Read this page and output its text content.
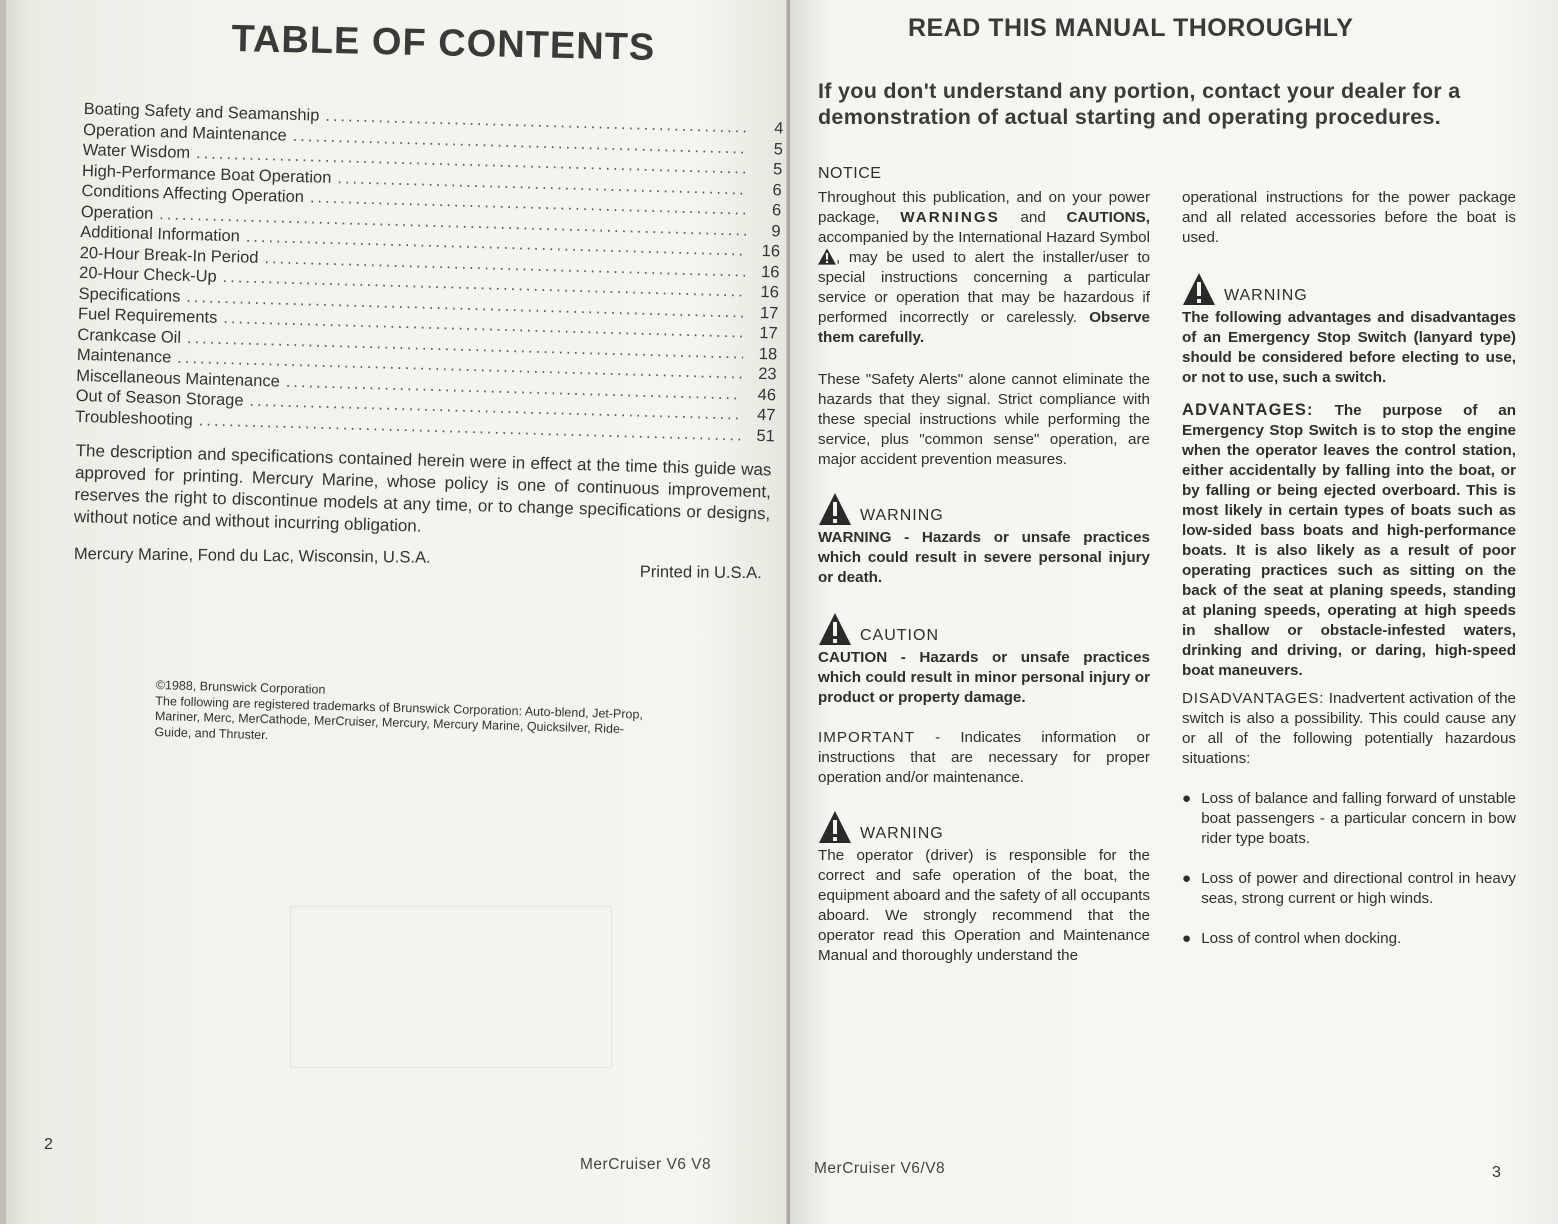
TABLE OF CONTENTS
Boating Safety and Seamanship
.....
4
Operation and Maintenance
.....
5
Water Wisdom
.....
5
High-Performance Boat Operation
.....
6
Conditions Affecting Operation
.....
6
Operation
.....
9
Additional Information
.....
16
20-Hour Break-In Period
.....
16
20-Hour Check-Up
.....
16
Specifications
.....
17
Fuel Requirements
.....
17
Crankcase Oil
.....
18
Maintenance
.....
23
Miscellaneous Maintenance
.....
46
Out of Season Storage
.....
47
Troubleshooting
.....
51
The description and specifications contained herein were in effect at the time this guide was approved for printing. Mercury Marine, whose policy is one of continuous improvement, reserves the right to discontinue models at any time, or to change specifications or designs, without notice and without incurring obligation.
Mercury Marine, Fond du Lac, Wisconsin, U.S.A.
Printed in U.S.A.
©1988, Brunswick Corporation
The following are registered trademarks of Brunswick Corporation: Auto-blend, Jet-Prop, Mariner, Merc, MerCathode, MerCruiser, Mercury, Mercury Marine, Quicksilver, Ride-Guide, and Thruster.
2
MerCruiser V6 V8
READ THIS MANUAL THOROUGHLY
If you don't understand any portion, contact your dealer for a demonstration of actual starting and operating procedures.

NOTICE

Throughout this publication, and on your power package, WARNINGS and CAUTIONS, accompanied by the International Hazard Symbol , may be used to alert the installer/user to special instructions concerning a particular service or operation that may be hazardous if performed incorrectly or carelessly. Observe them carefully.

These "Safety Alerts" alone cannot eliminate the hazards that they signal. Strict compliance with these special instructions while performing the service, plus "common sense" operation, are major accident prevention measures.

WARNING

WARNING - Hazards or unsafe practices which could result in severe personal injury or death.

CAUTION

CAUTION - Hazards or unsafe practices which could result in minor personal injury or product or property damage.

IMPORTANT - Indicates information or instructions that are necessary for proper operation and/or maintenance.

WARNING

The operator (driver) is responsible for the correct and safe operation of the boat, the equipment aboard and the safety of all occupants aboard. We strongly recommend that the operator read this Operation and Maintenance Manual and thoroughly understand the

operational instructions for the power package and all related accessories before the boat is used.

WARNING

The following advantages and disadvantages of an Emergency Stop Switch (lanyard type) should be considered before electing to use, or not to use, such a switch.

ADVANTAGES: The purpose of an Emergency Stop Switch is to stop the engine when the operator leaves the control station, either accidentally by falling into the boat, or by falling or being ejected overboard. This is most likely in certain types of boats such as low-sided bass boats and high-performance boats. It is also likely as a result of poor operating practices such as sitting on the back of the seat at planing speeds, standing at planing speeds, operating at high speeds in shallow or obstacle-infested waters, drinking and driving, or daring, high-speed boat maneuvers.

DISADVANTAGES: Inadvertent activation of the switch is also a possibility. This could cause any or all of the following potentially hazardous situations:

● Loss of balance and falling forward of unstable boat passengers - a particular concern in bow rider type boats.
● Loss of power and directional control in heavy seas, strong current or high winds.
● Loss of control when docking.
MerCruiser V6/V8	3
